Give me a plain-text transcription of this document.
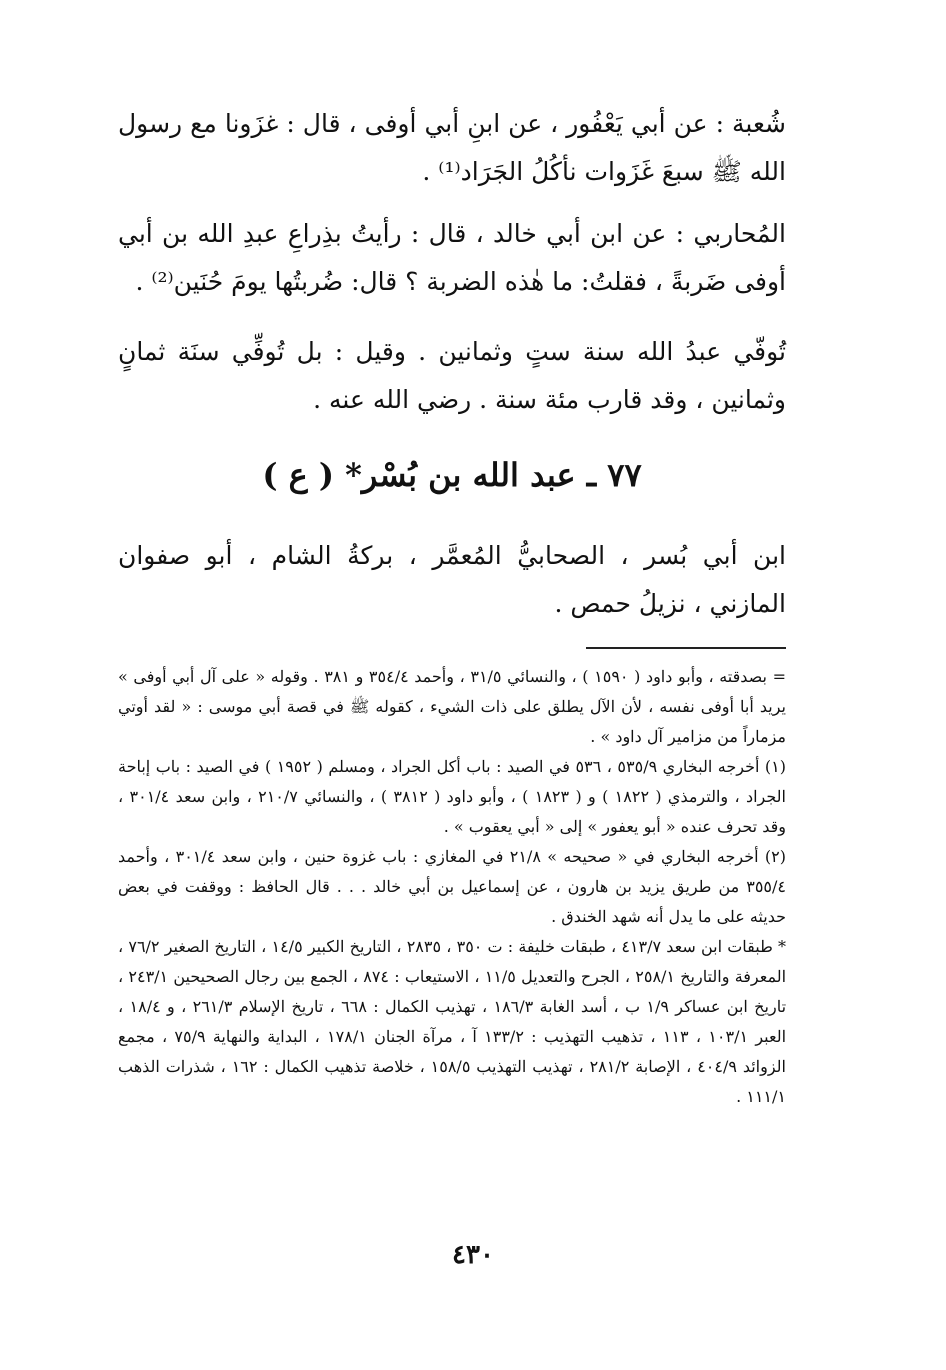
شُعبة : عن أبي يَعْفُور ، عن ابنِ أبي أوفى ، قال : غزَونا مع رسول الله ﷺ سبعَ غَزَوات نأكُلُ الجَرَاد⁽¹⁾ .

المُحاربي : عن ابن أبي خالد ، قال : رأيتُ بذِراعِ عبدِ الله بن أبي أوفى ضَربةً ، فقلتُ: ما هٰذه الضربة ؟ قال: ضُربتُها يومَ حُنَين⁽²⁾ .

تُوفّي عبدُ الله سنة ستٍ وثمانين . وقيل : بل تُوفِّي سنَة ثمانٍ وثمانين ، وقد قارب مئة سنة . رضي الله عنه .

٧٧ ـ عبد الله بن بُسْر* ( ع )

ابن أبي بُسر ، الصحابيُّ المُعمَّر ، بركةُ الشام ، أبو صفوان المازني ، نزيلُ حمص .

= بصدقته ، وأبو داود ( ١٥٩٠ ) ، والنسائي ٣١/٥ ، وأحمد ٣٥٤/٤ و ٣٨١ . وقوله « على آل أبي أوفى » يريد أبا أوفى نفسه ، لأن الآل يطلق على ذات الشيء ، كقوله ﷺ في قصة أبي موسى : « لقد أوتي مزماراً من مزامير آل داود » .

(١) أخرجه البخاري ٥٣٥/٩ ، ٥٣٦ في الصيد : باب أكل الجراد ، ومسلم ( ١٩٥٢ ) في الصيد : باب إباحة الجراد ، والترمذي ( ١٨٢٢ ) و ( ١٨٢٣ ) ، وأبو داود ( ٣٨١٢ ) ، والنسائي ٢١٠/٧ ، وابن سعد ٣٠١/٤ ، وقد تحرف عنده « أبو يعفور » إلى « أبي يعقوب » .

(٢) أخرجه البخاري في « صحيحه » ٢١/٨ في المغازي : باب غزوة حنين ، وابن سعد ٣٠١/٤ ، وأحمد ٣٥٥/٤ من طريق يزيد بن هارون ، عن إسماعيل بن أبي خالد . . . قال الحافظ : ووقفت في بعض حديثه على ما يدل أنه شهد الخندق .

* طبقات ابن سعد ٤١٣/٧ ، طبقات خليفة : ت ٣٥٠ ، ٢٨٣٥ ، التاريخ الكبير ١٤/٥ ، التاريخ الصغير ٧٦/٢ ، المعرفة والتاريخ ٢٥٨/١ ، الجرح والتعديل ١١/٥ ، الاستيعاب : ٨٧٤ ، الجمع بين رجال الصحيحين ٢٤٣/١ ، تاريخ ابن عساكر ١/٩ ب ، أسد الغابة ١٨٦/٣ ، تهذيب الكمال : ٦٦٨ ، تاريخ الإسلام ٢٦١/٣ ، و ١٨/٤ ، العبر ١٠٣/١ ، ١١٣ ، تذهيب التهذيب : ١٣٣/٢ آ ، مرآة الجنان ١٧٨/١ ، البداية والنهاية ٧٥/٩ ، مجمع الزوائد ٤٠٤/٩ ، الإصابة ٢٨١/٢ ، تهذيب التهذيب ١٥٨/٥ ، خلاصة تذهيب الكمال : ١٦٢ ، شذرات الذهب ١١١/١ .

٤٣٠
